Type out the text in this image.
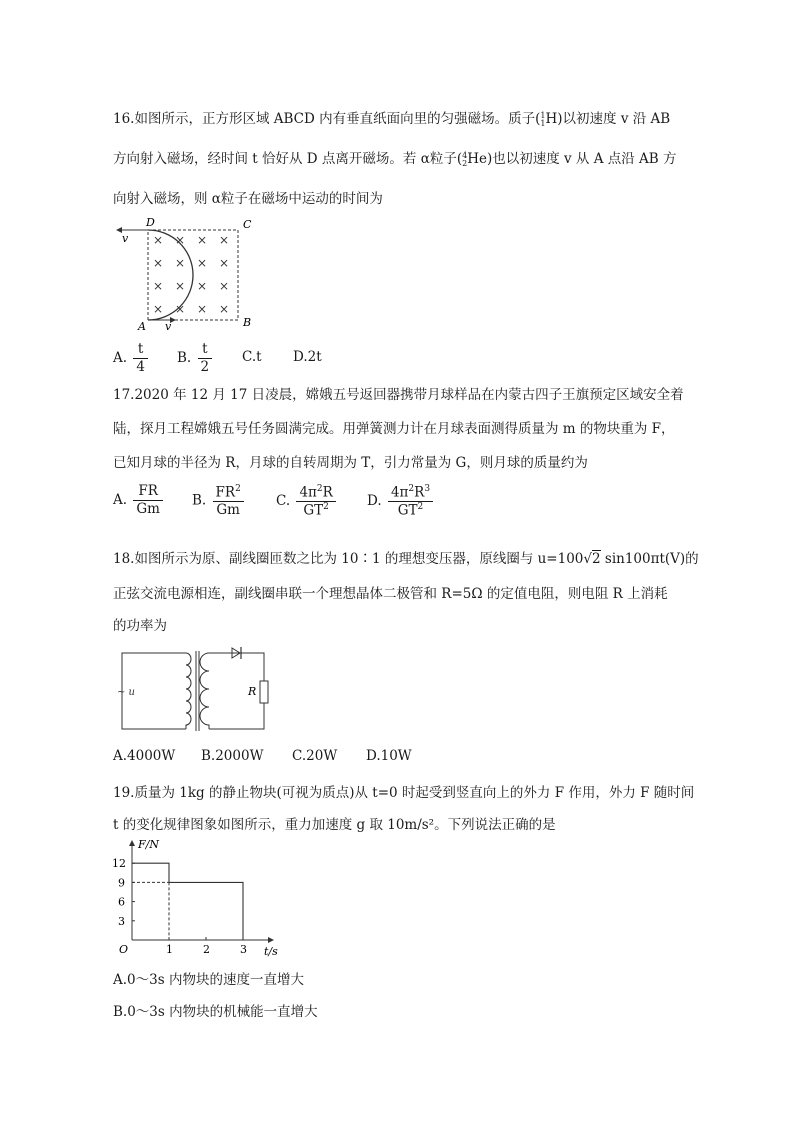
16.如图所示，正方形区域 ABCD 内有垂直纸面向里的匀强磁场。质子(1
1H)以初速度 v 沿 AB
方向射入磁场，经时间 t 恰好从 D 点离开磁场。若 α粒子(4
2He)也以初速度 v 从 A 点沿 AB 方
向射入磁场，则 α粒子在磁场中运动的时间为
× × × ×
× × × ×
× × × ×
× × × ×
D	C
A	B
v
v
A. $\frac{t}{4} B$. $\frac{t}{2} C.t$ D.2t
17.2020 年 12 月 17 日凌晨，嫦娥五号返回器携带月球样品在内蒙古四子王旗预定区域安全着
陆，探月工程嫦娥五号任务圆满完成。用弹簧测力计在月球表面测得质量为 m 的物块重为 F，
已知月球的半径为 R，月球的自转周期为 T，引力常量为 G，则月球的质量约为
A. $\frac{FR}{Gm} B$. $\frac{FR^2}{Gm} C$. $\frac{4\pi^2R}{GT^2} D$. $\frac{4\pi^2R^3}{GT^2}$
18.如图所示为原、副线圈匝数之比为 10∶1 的理想变压器，原线圈与 u=100√2 sin100πt(V)的
正弦交流电源相连，副线圈串联一个理想晶体二极管和 R=5Ω 的定值电阻，则电阻 R 上消耗
的功率为
R
~ u
A.4000W B.2000W C.20W D.10W
19.质量为 1kg 的静止物块(可视为质点)从 t=0 时起受到竖直向上的外力 F 作用，外力 F 随时间
t 的变化规律图象如图所示，重力加速度 g 取 10m/s²。下列说法正确的是
F/N
t/s
O	1	2	3
12
9
6
3
A.0～3s 内物块的速度一直增大
B.0～3s 内物块的机械能一直增大
